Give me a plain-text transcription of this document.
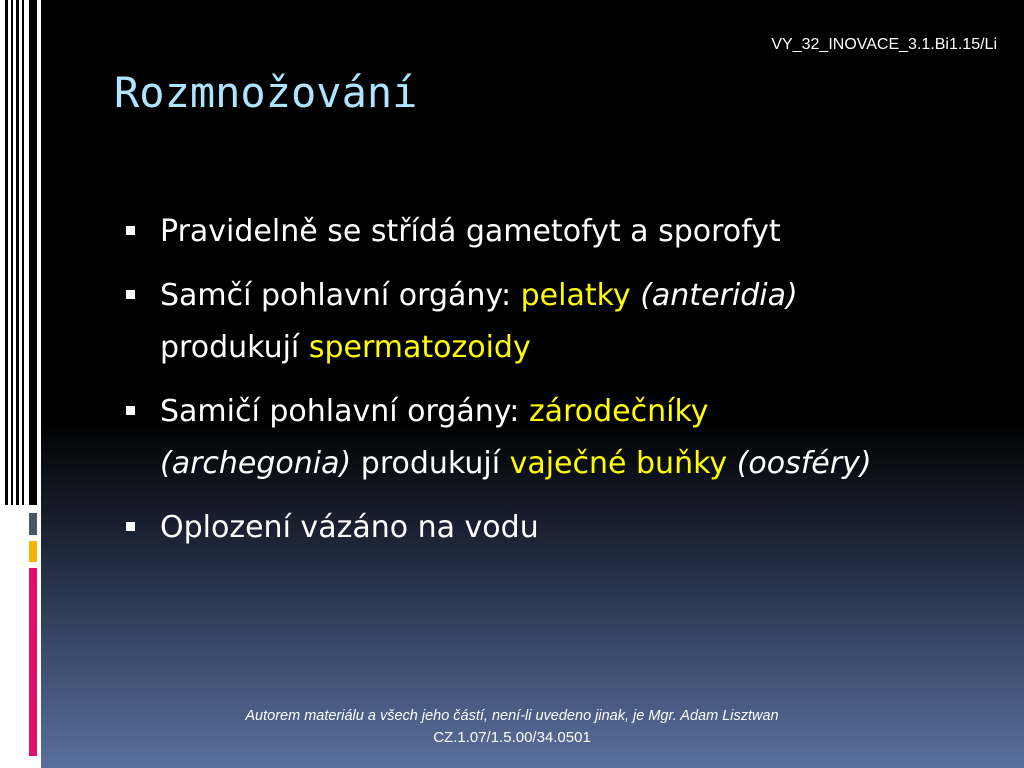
VY_32_INOVACE_3.1.Bi1.15/Li
Rozmnožování
Pravidelně se střídá gametofyt a sporofyt
Samčí pohlavní orgány: pelatky (anteridia) produkují spermatozoidy
Samičí pohlavní orgány: zárodečníky (archegonia) produkují vaječné buňky (oosféry)
Oplození vázáno na vodu
Autorem materiálu a všech jeho částí, není-li uvedeno jinak, je Mgr. Adam Lisztwan
CZ.1.07/1.5.00/34.0501
